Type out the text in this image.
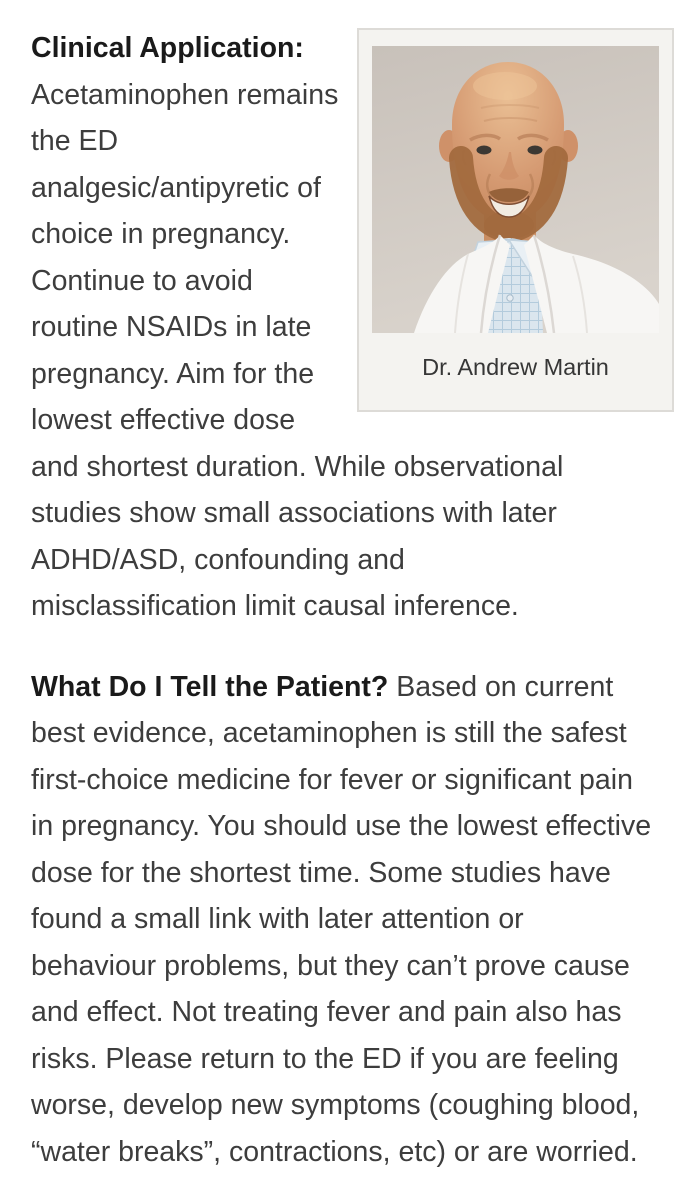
Dr. Andrew Martin
Clinical Application:
Acetaminophen remains
the ED
analgesic/antipyretic of
choice in pregnancy.
Continue to avoid
routine NSAIDs in late
pregnancy. Aim for the
lowest effective dose
and shortest duration. While observational
studies show small associations with later
ADHD/ASD, confounding and
misclassification limit causal inference.
What Do I Tell the Patient? Based on current
best evidence, acetaminophen is still the safest
first-choice medicine for fever or significant pain
in pregnancy. You should use the lowest effective
dose for the shortest time. Some studies have
found a small link with later attention or
behaviour problems, but they can’t prove cause
and effect. Not treating fever and pain also has
risks. Please return to the ED if you are feeling
worse, develop new symptoms (coughing blood,
“water breaks”, contractions, etc) or are worried.
